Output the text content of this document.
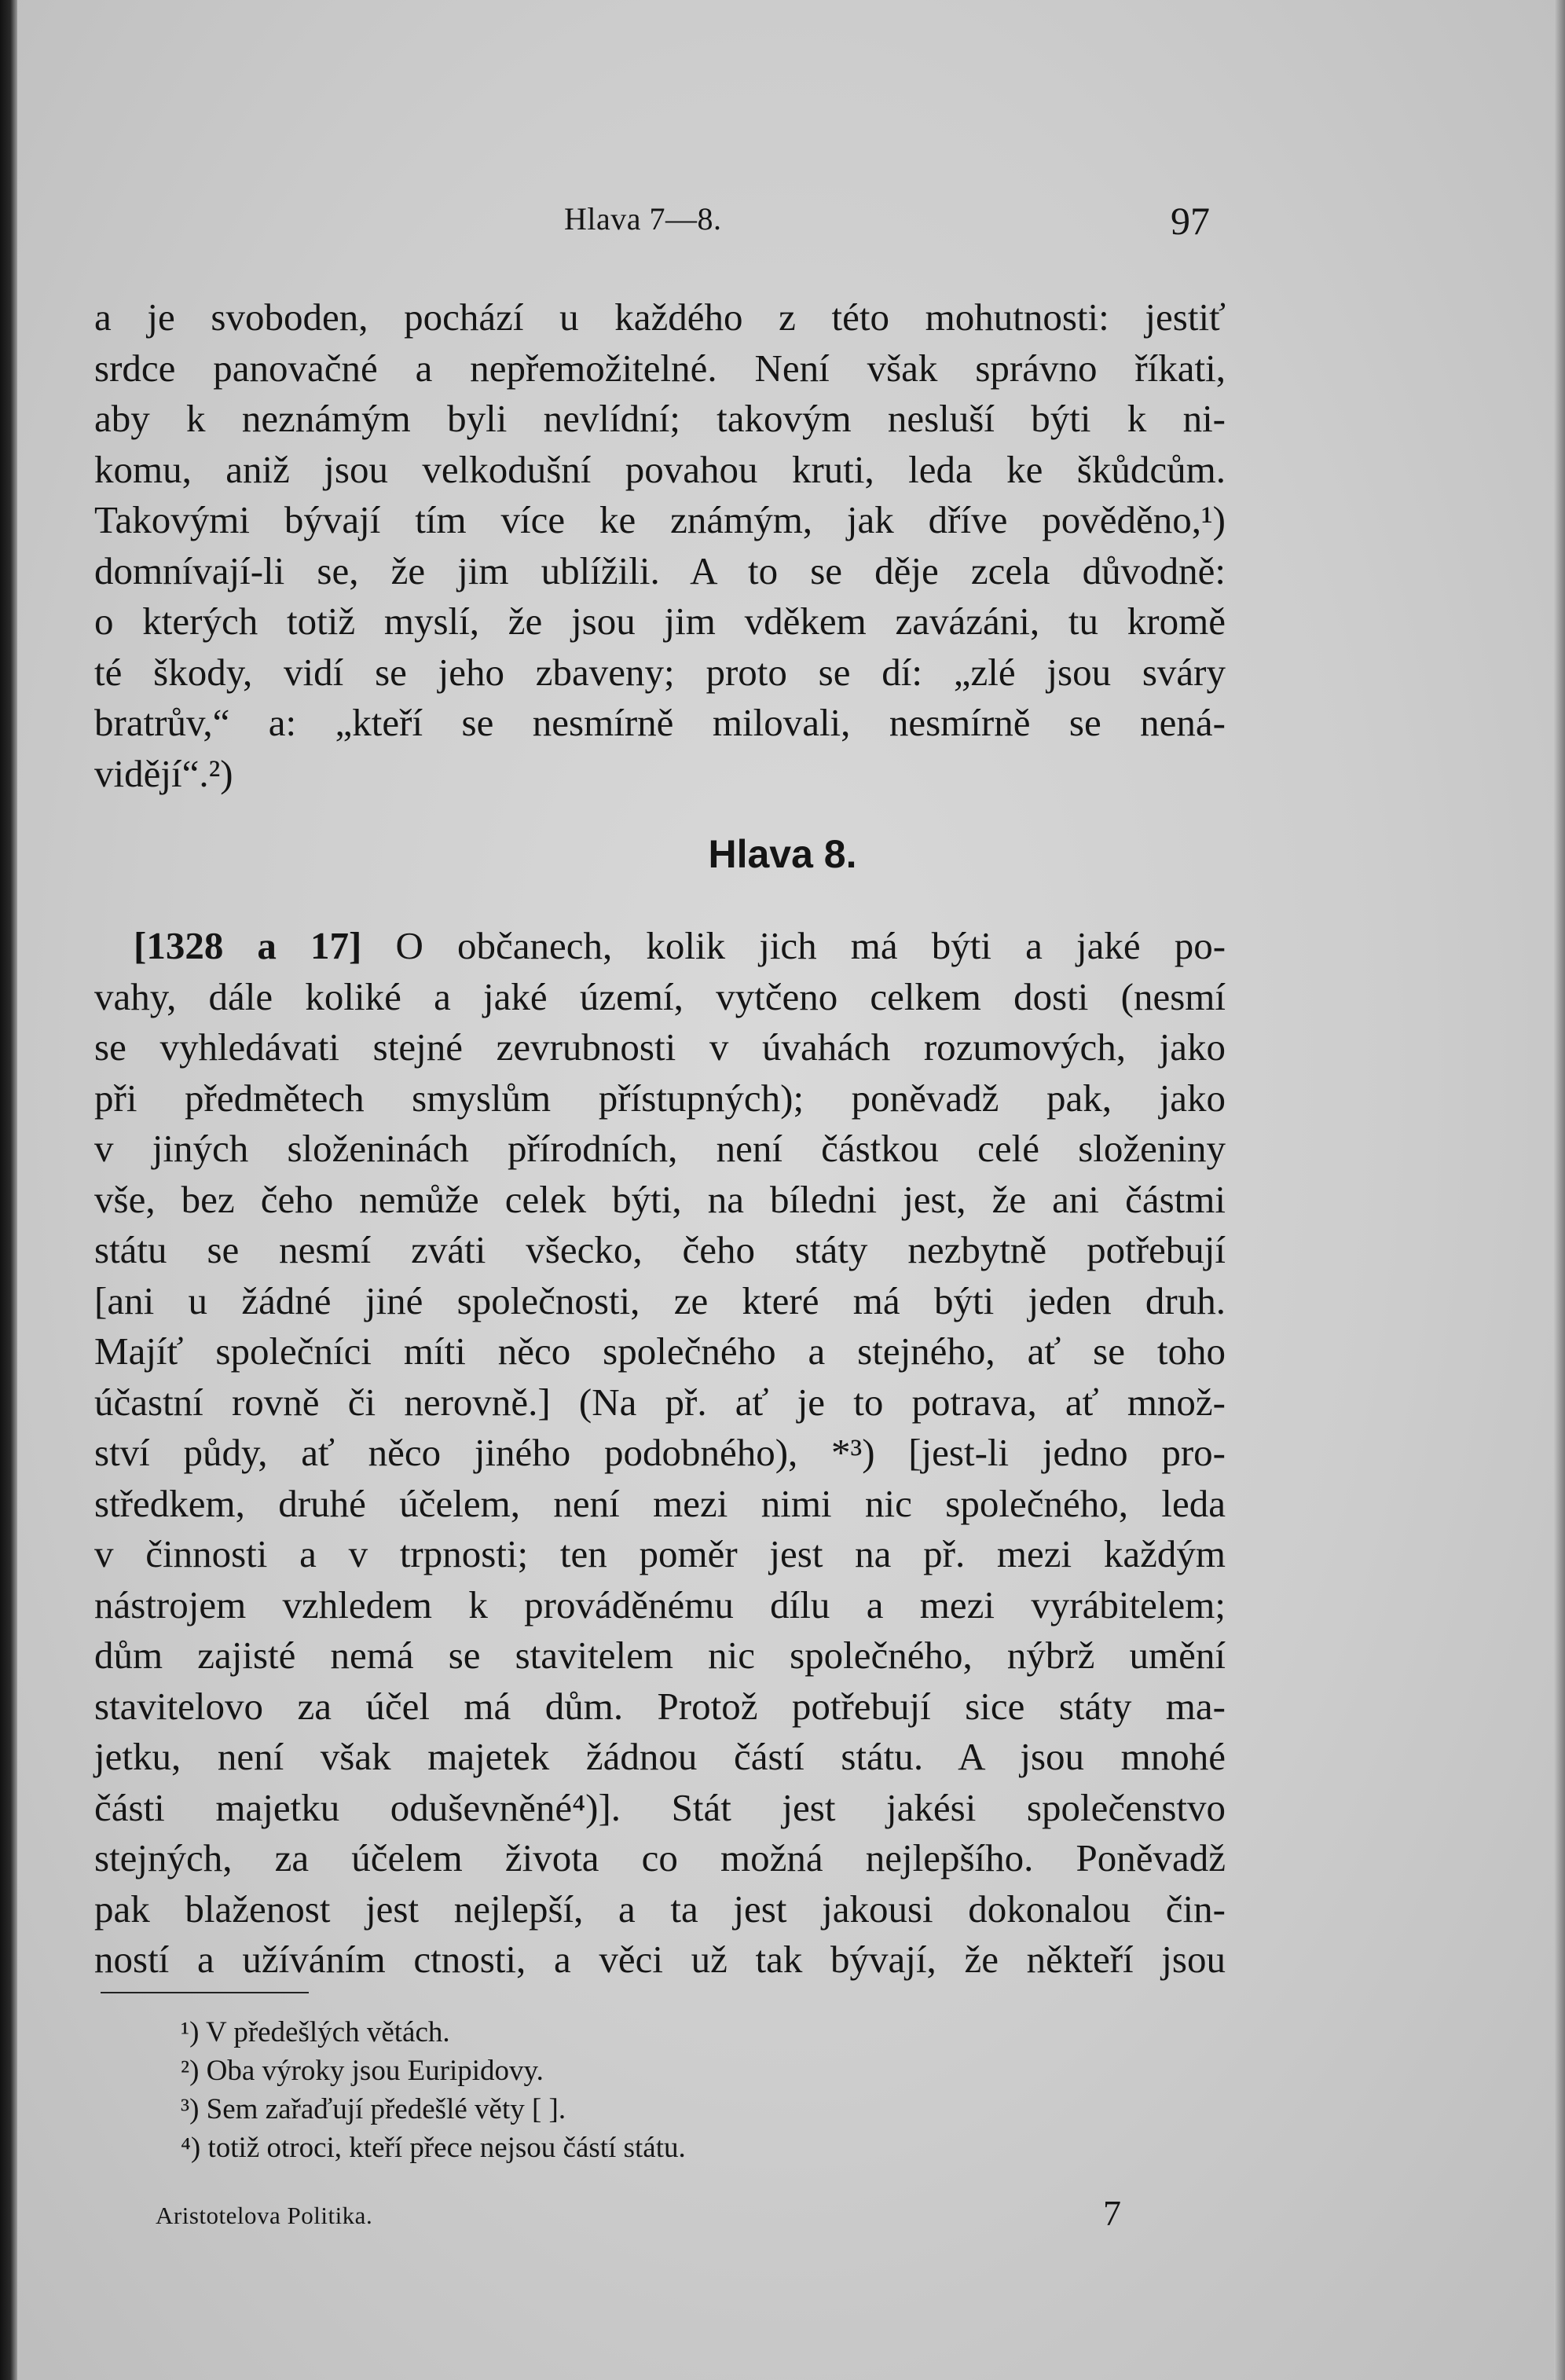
Hlava 7—8.	97
a je svoboden, pochází u každého z této mohutnosti: jestiť
srdce panovačné a nepřemožitelné. Není však správno říkati,
aby k neznámým byli nevlídní; takovým nesluší býti k ni-
komu, aniž jsou velkodušní povahou kruti, leda ke škůdcům.
Takovými bývají tím více ke známým, jak dříve pověděno,¹)
domnívají-li se, že jim ublížili. A to se děje zcela důvodně:
o kterých totiž myslí, že jsou jim vděkem zavázáni, tu kromě
té škody, vidí se jeho zbaveny; proto se dí: „zlé jsou sváry
bratrův,“ a: „kteří se nesmírně milovali, nesmírně se nená-
vidějí“.²)
Hlava 8.
[1328 a 17] O občanech, kolik jich má býti a jaké po-
vahy, dále koliké a jaké území, vytčeno celkem dosti (nesmí
se vyhledávati stejné zevrubnosti v úvahách rozumových, jako
při předmětech smyslům přístupných); poněvadž pak, jako
v jiných složeninách přírodních, není částkou celé složeniny
vše, bez čeho nemůže celek býti, na bíledni jest, že ani částmi
státu se nesmí zváti všecko, čeho státy nezbytně potřebují
[ani u žádné jiné společnosti, ze které má býti jeden druh.
Majíť společníci míti něco společného a stejného, ať se toho
účastní rovně či nerovně.] (Na př. ať je to potrava, ať množ-
ství půdy, ať něco jiného podobného), *³) [jest-li jedno pro-
středkem, druhé účelem, není mezi nimi nic společného, leda
v činnosti a v trpnosti; ten poměr jest na př. mezi každým
nástrojem vzhledem k prováděnému dílu a mezi vyrábitelem;
dům zajisté nemá se stavitelem nic společného, nýbrž umění
stavitelovo za účel má dům. Protož potřebují sice státy ma-
jetku, není však majetek žádnou částí státu. A jsou mnohé
části majetku oduševněné⁴)]. Stát jest jakési společenstvo
stejných, za účelem života co možná nejlepšího. Poněvadž
pak blaženost jest nejlepší, a ta jest jakousi dokonalou čin-
ností a užíváním ctnosti, a věci už tak bývají, že někteří jsou
¹) V předešlých větách.
²) Oba výroky jsou Euripidovy.
³) Sem zařaďují předešlé věty [ ].
⁴) totiž otroci, kteří přece nejsou částí státu.
Aristotelova Politika.	7
